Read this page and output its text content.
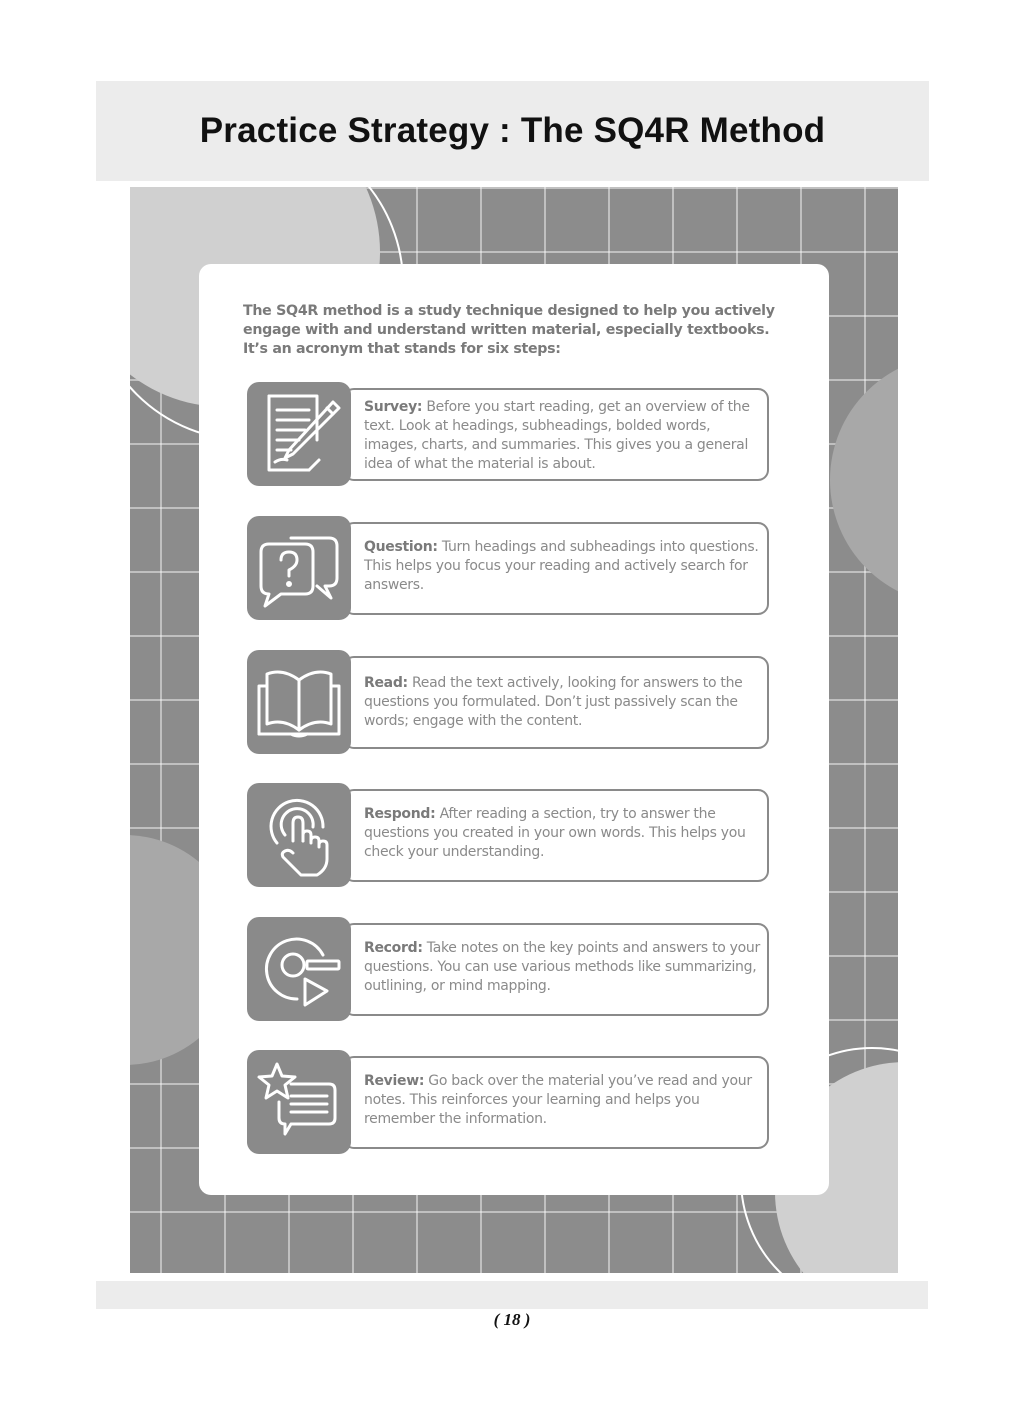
Practice Strategy : The SQ4R Method

The SQ4R method is a study technique designed to help you actively engage with and understand written material, especially textbooks. It’s an acronym that stands for six steps:

Survey: Before you start reading, get an overview of the text. Look at headings, subheadings, bolded words, images, charts, and summaries. This gives you a general idea of what the material is about.

Question: Turn headings and subheadings into questions. This helps you focus your reading and actively search for answers.

Read: Read the text actively, looking for answers to the questions you formulated. Don’t just passively scan the words; engage with the content.

Respond: After reading a section, try to answer the questions you created in your own words. This helps you check your understanding.

Record: Take notes on the key points and answers to your questions. You can use various methods like summarizing, outlining, or mind mapping.

Review: Go back over the material you’ve read and your notes. This reinforces your learning and helps you remember the information.

( 18 )
